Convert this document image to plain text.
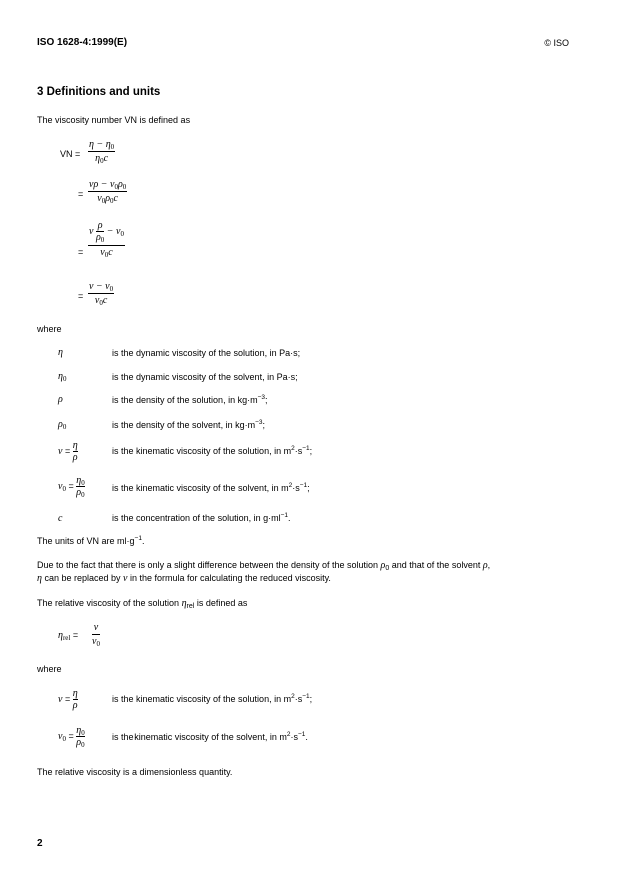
ISO 1628-4:1999(E)	© ISO
3 Definitions and units
The viscosity number VN is defined as
VN = $\frac{\eta - \eta_0}{\eta_0c}$
= $\frac{\nu\rho - \nu_0\rho_0}{\nu_0\rho_0c}$
= $\frac{\nu \frac{\rho}{\rho_0} - \nu_0}{\nu_0c}$
= $\frac{\nu - \nu_0}{\nu_0c}$
where
η	is the dynamic viscosity of the solution, in Pa·s;
$\eta_0$	is the dynamic viscosity of the solvent, in Pa·s;
ρ	is the density of the solution, in $kg\cdot m^{-3}$;
$\rho_0$	is the density of the solvent, in $kg\cdot m^{-3}$;
$\nu = \frac{\eta}{\rho}$	is the kinematic viscosity of the solution, in $m^2\cdot s^{-1}$;
$\nu_0 = \frac{\eta_0}{\rho_0}$	is the kinematic viscosity of the solvent, in $m^2\cdot s^{-1}$;
c	is the concentration of the solution, in $g\cdot ml^{-1}$.
The units of VN are $ml\cdot g^{-1}$.
Due to the fact that there is only a slight difference between the density of the solution $\rho_0$ and that of the solvent ρ,
η can be replaced by ν in the formula for calculating the reduced viscosity.
The relative viscosity of the solution $\eta_{rel}$ is defined as
$\eta_{rel} = \frac{\nu}{\nu_0}$
where
$\nu = \frac{\eta}{\rho}$	is the kinematic viscosity of the solution, in $m^2\cdot s^{-1}$;
$\nu_0 = \frac{\eta_0}{\rho_0}$	is the kinematic viscosity of the solvent, in $m^2\cdot s^{-1}$.
The relative viscosity is a dimensionless quantity.
2
